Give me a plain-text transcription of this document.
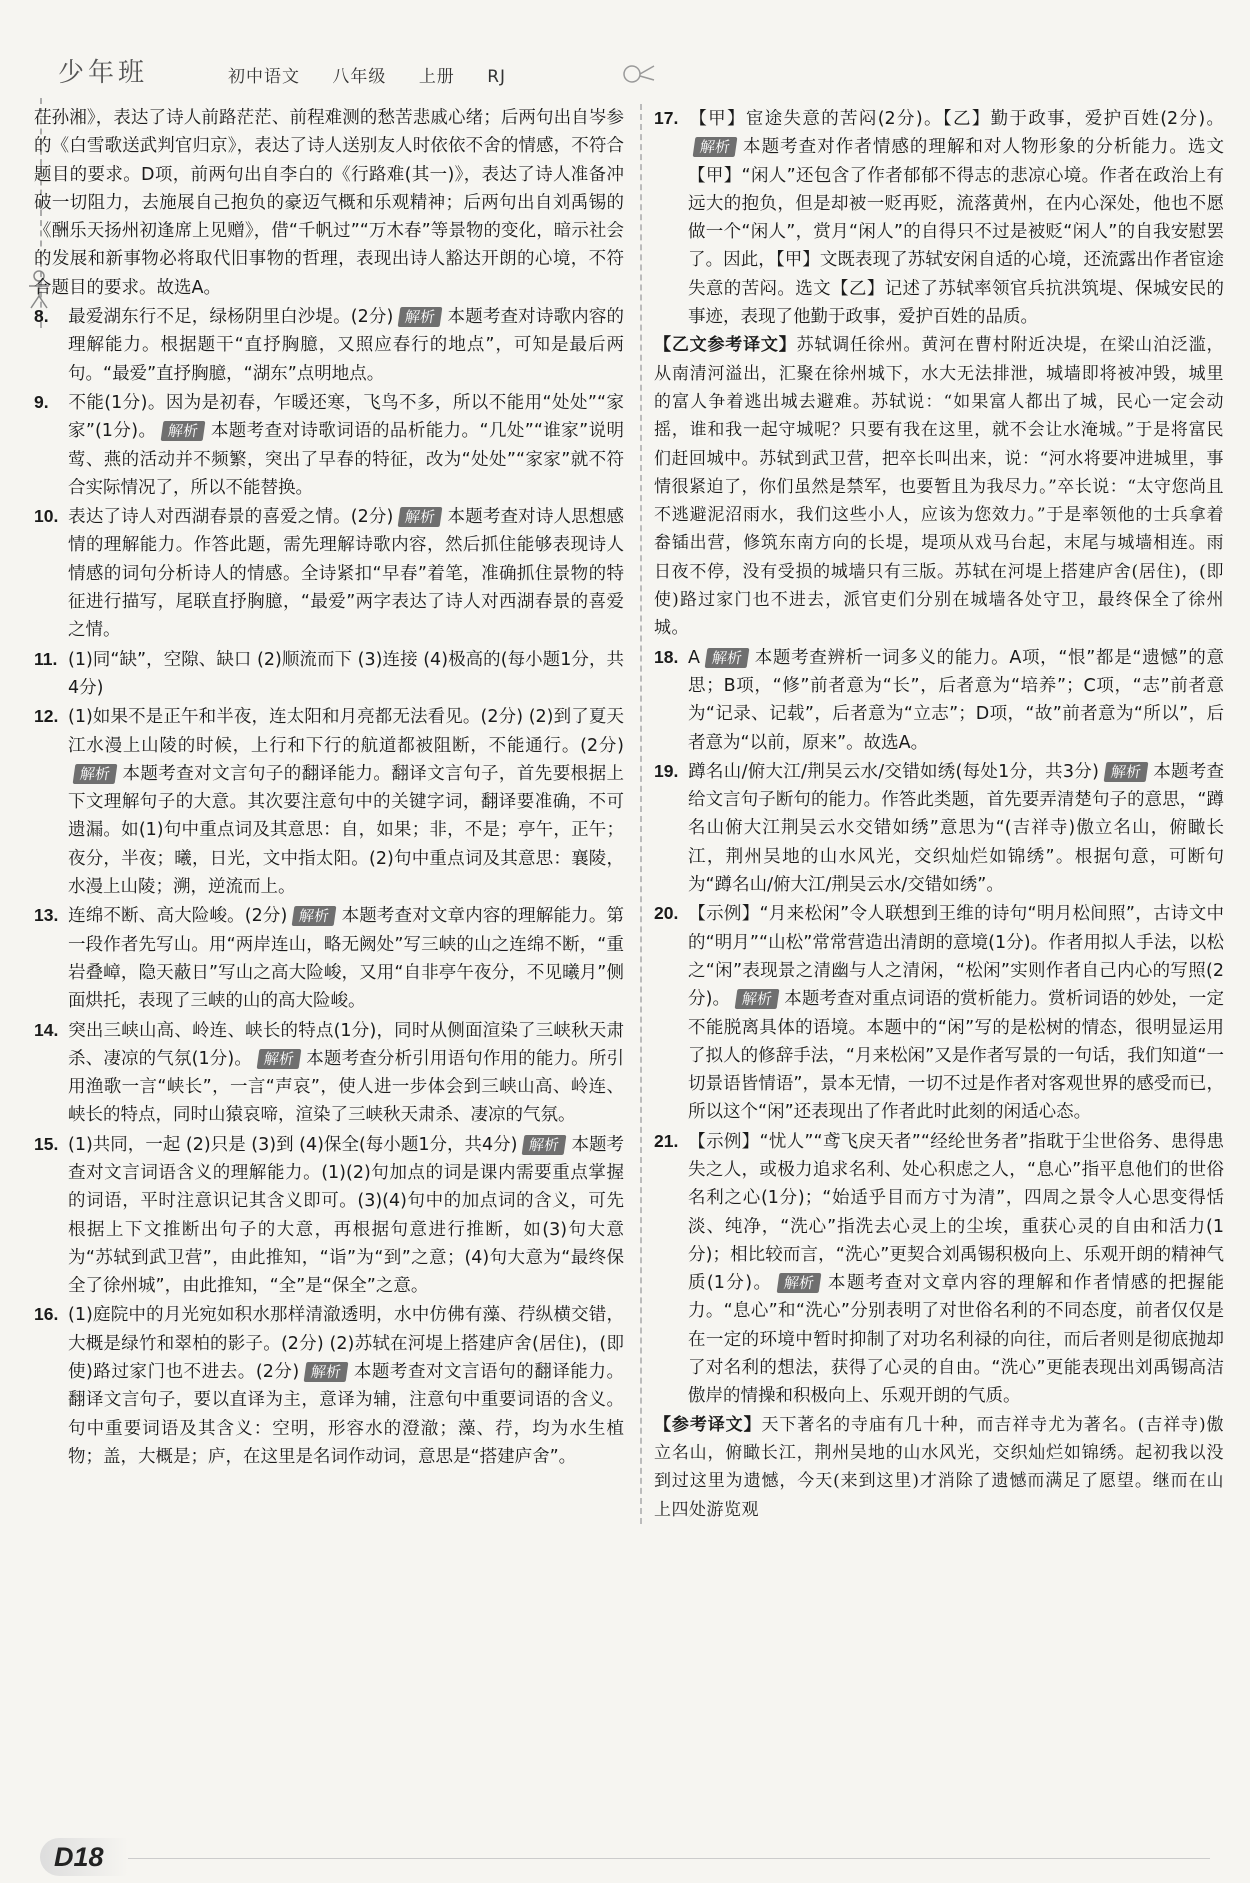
少年班	初中语文 八年级 上册 RJ

茌孙湘》，表达了诗人前路茫茫、前程难测的愁苦悲戚心绪；后两句出自岑参的《白雪歌送武判官归京》，表达了诗人送别友人时依依不舍的情感，不符合题目的要求。D项，前两句出自李白的《行路难(其一)》，表达了诗人准备冲破一切阻力，去施展自己抱负的豪迈气概和乐观精神；后两句出自刘禹锡的《酬乐天扬州初逢席上见赠》，借“千帆过”“万木春”等景物的变化，暗示社会的发展和新事物必将取代旧事物的哲理，表现出诗人豁达开朗的心境，不符合题目的要求。故选A。

8. 最爱湖东行不足，绿杨阴里白沙堤。(2分) 解析 本题考查对诗歌内容的理解能力。根据题干“直抒胸臆，又照应春行的地点”，可知是最后两句。“最爱”直抒胸臆，“湖东”点明地点。

9. 不能(1分)。因为是初春，乍暖还寒，飞鸟不多，所以不能用“处处”“家家”(1分)。 解析 本题考查对诗歌词语的品析能力。“几处”“谁家”说明莺、燕的活动并不频繁，突出了早春的特征，改为“处处”“家家”就不符合实际情况了，所以不能替换。

10. 表达了诗人对西湖春景的喜爱之情。(2分) 解析 本题考查对诗人思想感情的理解能力。作答此题，需先理解诗歌内容，然后抓住能够表现诗人情感的词句分析诗人的情感。全诗紧扣“早春”着笔，准确抓住景物的特征进行描写，尾联直抒胸臆，“最爱”两字表达了诗人对西湖春景的喜爱之情。

11. (1)同“缺”，空隙、缺口 (2)顺流而下 (3)连接 (4)极高的(每小题1分，共4分)

12. (1)如果不是正午和半夜，连太阳和月亮都无法看见。(2分) (2)到了夏天江水漫上山陵的时候，上行和下行的航道都被阻断，不能通行。(2分)解析 本题考查对文言句子的翻译能力。翻译文言句子，首先要根据上下文理解句子的大意。其次要注意句中的关键字词，翻译要准确，不可遗漏。如(1)句中重点词及其意思：自，如果；非，不是；亭午，正午；夜分，半夜；曦，日光，文中指太阳。(2)句中重点词及其意思：襄陵，水漫上山陵；溯，逆流而上。

13. 连绵不断、高大险峻。(2分) 解析 本题考查对文章内容的理解能力。第一段作者先写山。用“两岸连山，略无阙处”写三峡的山之连绵不断，“重岩叠嶂，隐天蔽日”写山之高大险峻，又用“自非亭午夜分，不见曦月”侧面烘托，表现了三峡的山的高大险峻。

14. 突出三峡山高、岭连、峡长的特点(1分)，同时从侧面渲染了三峡秋天肃杀、凄凉的气氛(1分)。 解析 本题考查分析引用语句作用的能力。所引用渔歌一言“峡长”，一言“声哀”，使人进一步体会到三峡山高、岭连、峡长的特点，同时山猿哀啼，渲染了三峡秋天肃杀、凄凉的气氛。

15. (1)共同，一起 (2)只是 (3)到 (4)保全(每小题1分，共4分) 解析 本题考查对文言词语含义的理解能力。(1)(2)句加点的词是课内需要重点掌握的词语，平时注意识记其含义即可。(3)(4)句中的加点词的含义，可先根据上下文推断出句子的大意，再根据句意进行推断，如(3)句大意为“苏轼到武卫营”，由此推知，“诣”为“到”之意；(4)句大意为“最终保全了徐州城”，由此推知，“全”是“保全”之意。

16. (1)庭院中的月光宛如积水那样清澈透明，水中仿佛有藻、荇纵横交错，大概是绿竹和翠柏的影子。(2分) (2)苏轼在河堤上搭建庐舍(居住)，(即使)路过家门也不进去。(2分) 解析 本题考查对文言语句的翻译能力。翻译文言句子，要以直译为主，意译为辅，注意句中重要词语的含义。句中重要词语及其含义：空明，形容水的澄澈；藻、荇，均为水生植物；盖，大概是；庐，在这里是名词作动词，意思是“搭建庐舍”。

17. 【甲】宦途失意的苦闷(2分)。【乙】勤于政事，爱护百姓(2分)。解析 本题考查对作者情感的理解和对人物形象的分析能力。选文【甲】“闲人”还包含了作者郁郁不得志的悲凉心境。作者在政治上有远大的抱负，但是却被一贬再贬，流落黄州，在内心深处，他也不愿做一个“闲人”，赏月“闲人”的自得只不过是被贬“闲人”的自我安慰罢了。因此，【甲】文既表现了苏轼安闲自适的心境，还流露出作者宦途失意的苦闷。选文【乙】记述了苏轼率领官兵抗洪筑堤、保城安民的事迹，表现了他勤于政事，爱护百姓的品质。

【乙文参考译文】苏轼调任徐州。黄河在曹村附近决堤，在梁山泊泛滥，从南清河溢出，汇聚在徐州城下，水大无法排泄，城墙即将被冲毁，城里的富人争着逃出城去避难。苏轼说：“如果富人都出了城，民心一定会动摇，谁和我一起守城呢？只要有我在这里，就不会让水淹城。”于是将富民们赶回城中。苏轼到武卫营，把卒长叫出来，说：“河水将要冲进城里，事情很紧迫了，你们虽然是禁军，也要暂且为我尽力。”卒长说：“太守您尚且不逃避泥沼雨水，我们这些小人，应该为您效力。”于是率领他的士兵拿着畚锸出营，修筑东南方向的长堤，堤项从戏马台起，末尾与城墙相连。雨日夜不停，没有受损的城墙只有三版。苏轼在河堤上搭建庐舍(居住)，(即使)路过家门也不进去，派官吏们分别在城墙各处守卫，最终保全了徐州城。

18. A 解析 本题考查辨析一词多义的能力。A项，“恨”都是“遗憾”的意思；B项，“修”前者意为“长”，后者意为“培养”；C项，“志”前者意为“记录、记载”，后者意为“立志”；D项，“故”前者意为“所以”，后者意为“以前，原来”。故选A。

19. 蹲名山/俯大江/荆吴云水/交错如绣(每处1分，共3分) 解析 本题考查给文言句子断句的能力。作答此类题，首先要弄清楚句子的意思，“蹲名山俯大江荆吴云水交错如绣”意思为“(吉祥寺)傲立名山，俯瞰长江，荆州吴地的山水风光，交织灿烂如锦绣”。根据句意，可断句为“蹲名山/俯大江/荆吴云水/交错如绣”。

20. 【示例】“月来松闲”令人联想到王维的诗句“明月松间照”，古诗文中的“明月”“山松”常常营造出清朗的意境(1分)。作者用拟人手法，以松之“闲”表现景之清幽与人之清闲，“松闲”实则作者自己内心的写照(2分)。 解析 本题考查对重点词语的赏析能力。赏析词语的妙处，一定不能脱离具体的语境。本题中的“闲”写的是松树的情态，很明显运用了拟人的修辞手法，“月来松闲”又是作者写景的一句话，我们知道“一切景语皆情语”，景本无情，一切不过是作者对客观世界的感受而已，所以这个“闲”还表现出了作者此时此刻的闲适心态。

21. 【示例】“忧人”“鸢飞戾天者”“经纶世务者”指耽于尘世俗务、患得患失之人，或极力追求名利、处心积虑之人，“息心”指平息他们的世俗名利之心(1分)；“始适乎目而方寸为清”，四周之景令人心思变得恬淡、纯净，“洗心”指洗去心灵上的尘埃，重获心灵的自由和活力(1分)；相比较而言，“洗心”更契合刘禹锡积极向上、乐观开朗的精神气质(1分)。 解析 本题考查对文章内容的理解和作者情感的把握能力。“息心”和“洗心”分别表明了对世俗名利的不同态度，前者仅仅是在一定的环境中暂时抑制了对功名利禄的向往，而后者则是彻底抛却了对名利的想法，获得了心灵的自由。“洗心”更能表现出刘禹锡高洁傲岸的情操和积极向上、乐观开朗的气质。

【参考译文】天下著名的寺庙有几十种，而吉祥寺尤为著名。(吉祥寺)傲立名山，俯瞰长江，荆州吴地的山水风光，交织灿烂如锦绣。起初我以没到过这里为遗憾，今天(来到这里)才消除了遗憾而满足了愿望。继而在山上四处游览观

D18
